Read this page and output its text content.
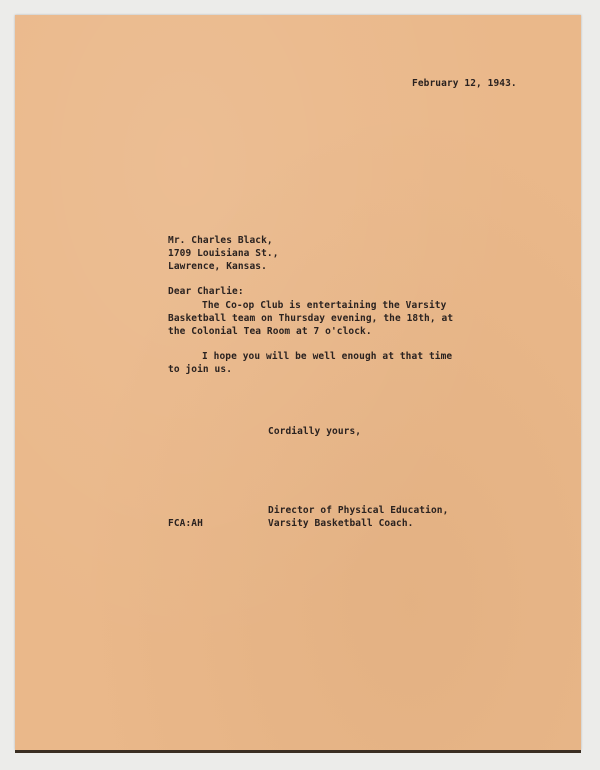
February 12, 1943.

Mr. Charles Black,

1709 Louisiana St.,

Lawrence, Kansas.

Dear Charlie:

The Co-op Club is entertaining the Varsity

Basketball team on Thursday evening, the 18th, at

the Colonial Tea Room at 7 o'clock.

I hope you will be well enough at that time

to join us.

Cordially yours,

Director of Physical Education,

Varsity Basketball Coach.

FCA:AH
